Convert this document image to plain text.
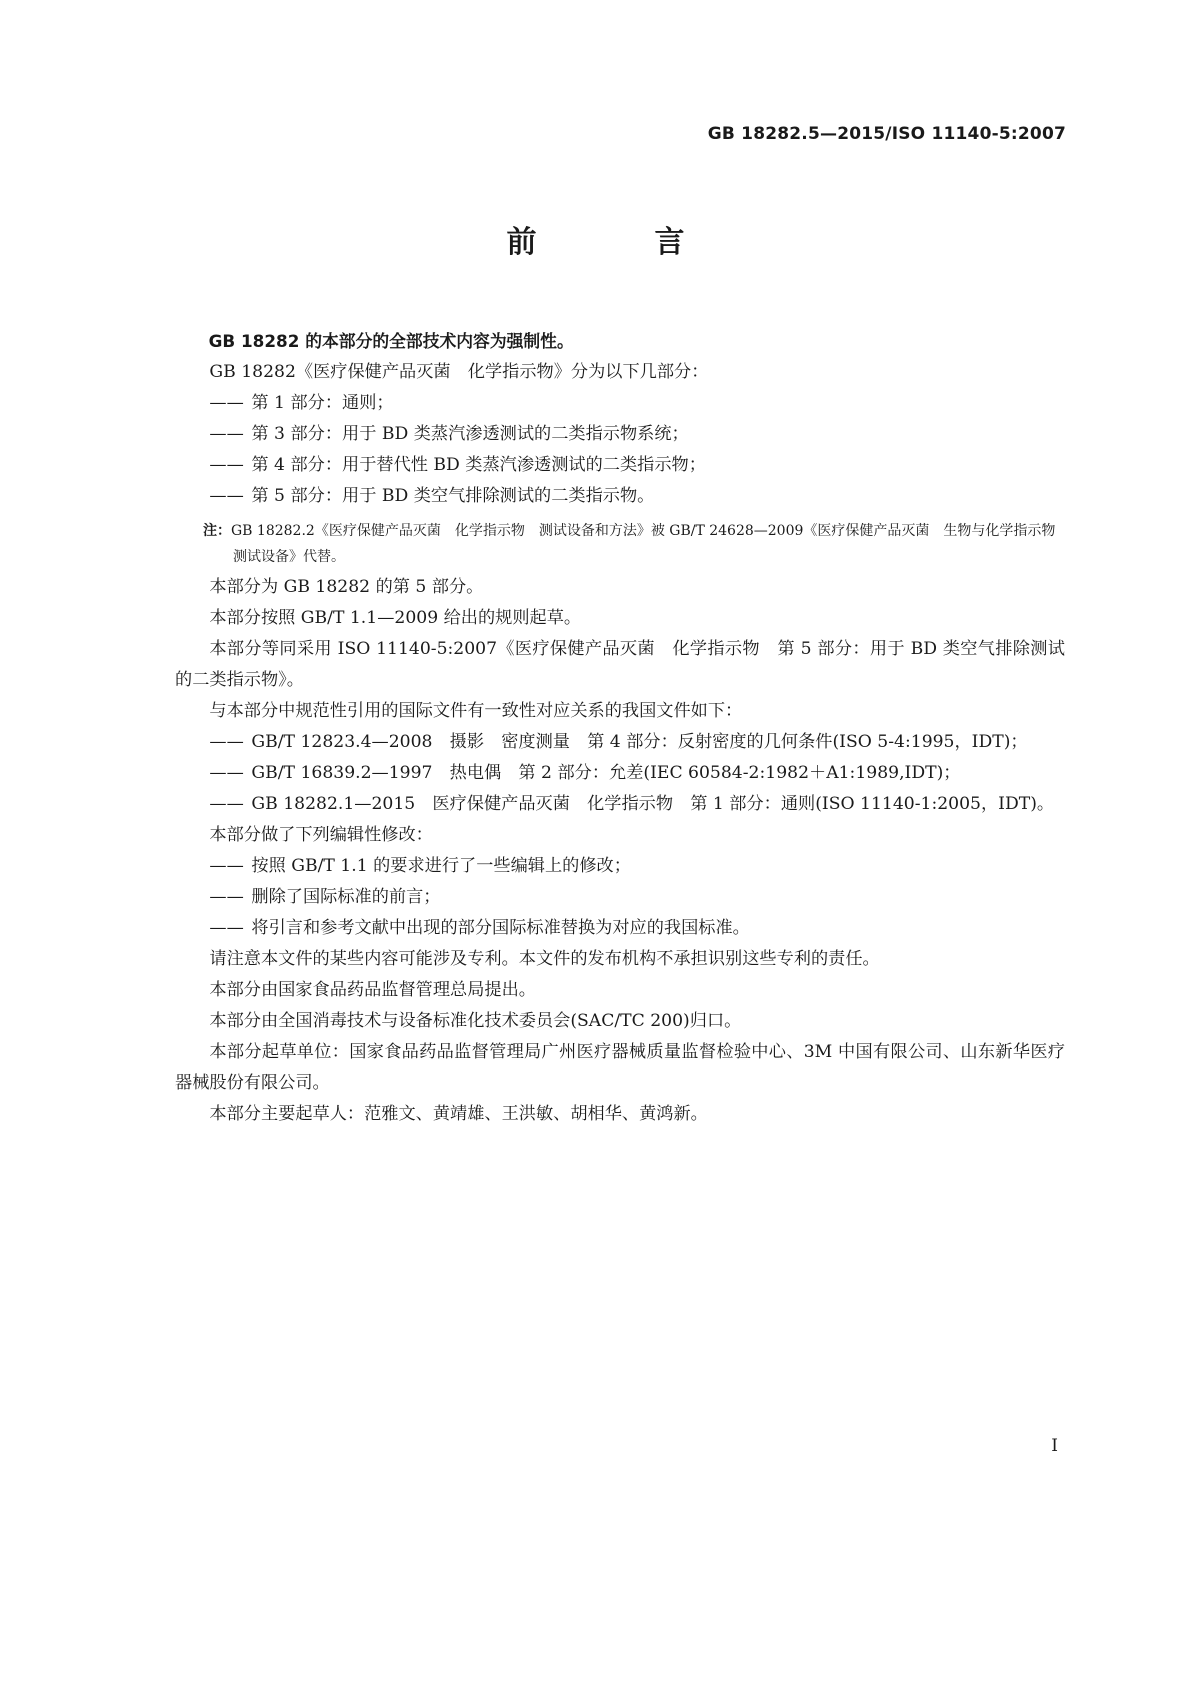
GB 18282.5—2015/ISO 11140-5:2007
前　言

GB 18282 的本部分的全部技术内容为强制性。

GB 18282《医疗保健产品灭菌　化学指示物》分为以下几部分：

—— 第 1 部分：通则；

—— 第 3 部分：用于 BD 类蒸汽渗透测试的二类指示物系统；

—— 第 4 部分：用于替代性 BD 类蒸汽渗透测试的二类指示物；

—— 第 5 部分：用于 BD 类空气排除测试的二类指示物。

注：GB 18282.2《医疗保健产品灭菌　化学指示物　测试设备和方法》被 GB/T 24628—2009《医疗保健产品灭菌　生物与化学指示物　测试设备》代替。

本部分为 GB 18282 的第 5 部分。

本部分按照 GB/T 1.1—2009 给出的规则起草。

本部分等同采用 ISO 11140-5:2007《医疗保健产品灭菌　化学指示物　第 5 部分：用于 BD 类空气排除测试的二类指示物》。

与本部分中规范性引用的国际文件有一致性对应关系的我国文件如下：

—— GB/T 12823.4—2008　摄影　密度测量　第 4 部分：反射密度的几何条件(ISO 5-4:1995，IDT)；

—— GB/T 16839.2—1997　热电偶　第 2 部分：允差(IEC 60584-2:1982＋A1:1989,IDT)；

—— GB 18282.1—2015　医疗保健产品灭菌　化学指示物　第 1 部分：通则(ISO 11140-1:2005，IDT)。

本部分做了下列编辑性修改：

—— 按照 GB/T 1.1 的要求进行了一些编辑上的修改；

—— 删除了国际标准的前言；

—— 将引言和参考文献中出现的部分国际标准替换为对应的我国标准。

请注意本文件的某些内容可能涉及专利。本文件的发布机构不承担识别这些专利的责任。

本部分由国家食品药品监督管理总局提出。

本部分由全国消毒技术与设备标准化技术委员会(SAC/TC 200)归口。

本部分起草单位：国家食品药品监督管理局广州医疗器械质量监督检验中心、3M 中国有限公司、山东新华医疗器械股份有限公司。

本部分主要起草人：范雅文、黄靖雄、王洪敏、胡相华、黄鸿新。

I
